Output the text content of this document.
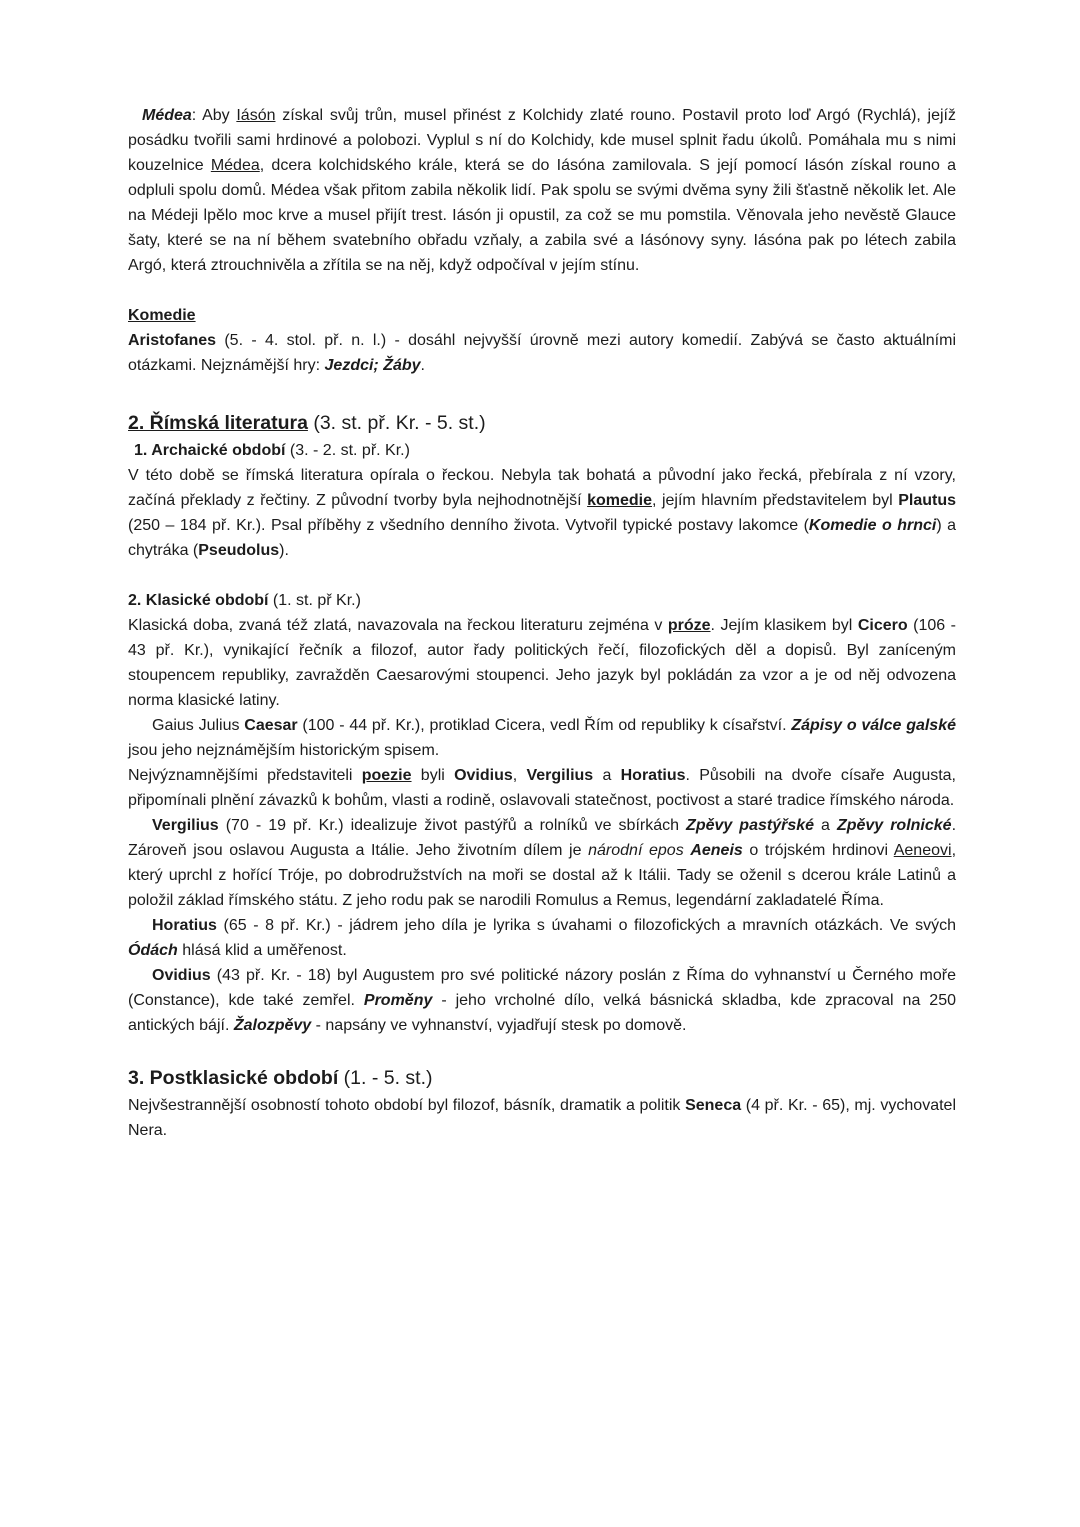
Médea: Aby Iásón získal svůj trůn, musel přinést z Kolchidy zlaté rouno. Postavil proto loď Argó (Rychlá), jejíž posádku tvořili sami hrdinové a polobozi. Vyplul s ní do Kolchidy, kde musel splnit řadu úkolů. Pomáhala mu s nimi kouzelnice Médea, dcera kolchidského krále, která se do Iásóna zamilovala. S její pomocí Iásón získal rouno a odpluli spolu domů. Médea však přitom zabila několik lidí. Pak spolu se svými dvěma syny žili šťastně několik let. Ale na Médeji lpělo moc krve a musel přijít trest. Iásón ji opustil, za což se mu pomstila. Věnovala jeho nevěstě Glauce šaty, které se na ní během svatebního obřadu vzňaly, a zabila své a Iásónovy syny. Iásóna pak po létech zabila Argó, která ztrouchnivěla a zřítila se na něj, když odpočíval v jejím stínu.

Komedie

Aristofanes (5. - 4. stol. př. n. l.) - dosáhl nejvyšší úrovně mezi autory komedií. Zabývá se často aktuálními otázkami. Nejznámější hry: Jezdci; Žáby.

2. Římská literatura (3. st. př. Kr. - 5. st.)

1. Archaické období (3. - 2. st. př. Kr.)

V této době se římská literatura opírala o řeckou. Nebyla tak bohatá a původní jako řecká, přebírala z ní vzory, začíná překlady z řečtiny. Z původní tvorby byla nejhodnotnější komedie, jejím hlavním představitelem byl Plautus (250 – 184 př. Kr.). Psal příběhy z všedního denního života. Vytvořil typické postavy lakomce (Komedie o hrnci) a chytráka (Pseudolus).

2. Klasické období (1. st. př Kr.)

Klasická doba, zvaná též zlatá, navazovala na řeckou literaturu zejména v próze. Jejím klasikem byl Cicero (106 - 43 př. Kr.), vynikající řečník a filozof, autor řady politických řečí, filozofických děl a dopisů. Byl zaníceným stoupencem republiky, zavražděn Caesarovými stoupenci. Jeho jazyk byl pokládán za vzor a je od něj odvozena norma klasické latiny.

Gaius Julius Caesar (100 - 44 př. Kr.), protiklad Cicera, vedl Řím od republiky k císařství. Zápisy o válce galské jsou jeho nejznámějším historickým spisem.

Nejvýznamnějšími představiteli poezie byli Ovidius, Vergilius a Horatius. Působili na dvoře císaře Augusta, připomínali plnění závazků k bohům, vlasti a rodině, oslavovali statečnost, poctivost a staré tradice římského národa.

Vergilius (70 - 19 př. Kr.) idealizuje život pastýřů a rolníků ve sbírkách Zpěvy pastýřské a Zpěvy rolnické. Zároveň jsou oslavou Augusta a Itálie. Jeho životním dílem je národní epos Aeneis o trójském hrdinovi Aeneovi, který uprchl z hořící Tróje, po dobrodružstvích na moři se dostal až k Itálii. Tady se oženil s dcerou krále Latinů a položil základ římského státu. Z jeho rodu pak se narodili Romulus a Remus, legendární zakladatelé Říma.

Horatius (65 - 8 př. Kr.) - jádrem jeho díla je lyrika s úvahami o filozofických a mravních otázkách. Ve svých Ódách hlásá klid a uměřenost.

Ovidius (43 př. Kr. - 18) byl Augustem pro své politické názory poslán z Říma do vyhnanství u Černého moře (Constance), kde také zemřel. Proměny - jeho vrcholné dílo, velká básnická skladba, kde zpracoval na 250 antických bájí. Žalozpěvy - napsány ve vyhnanství, vyjadřují stesk po domově.

3. Postklasické období (1. - 5. st.)

Nejvšestrannější osobností tohoto období byl filozof, básník, dramatik a politik Seneca (4 př. Kr. - 65), mj. vychovatel Nera.
